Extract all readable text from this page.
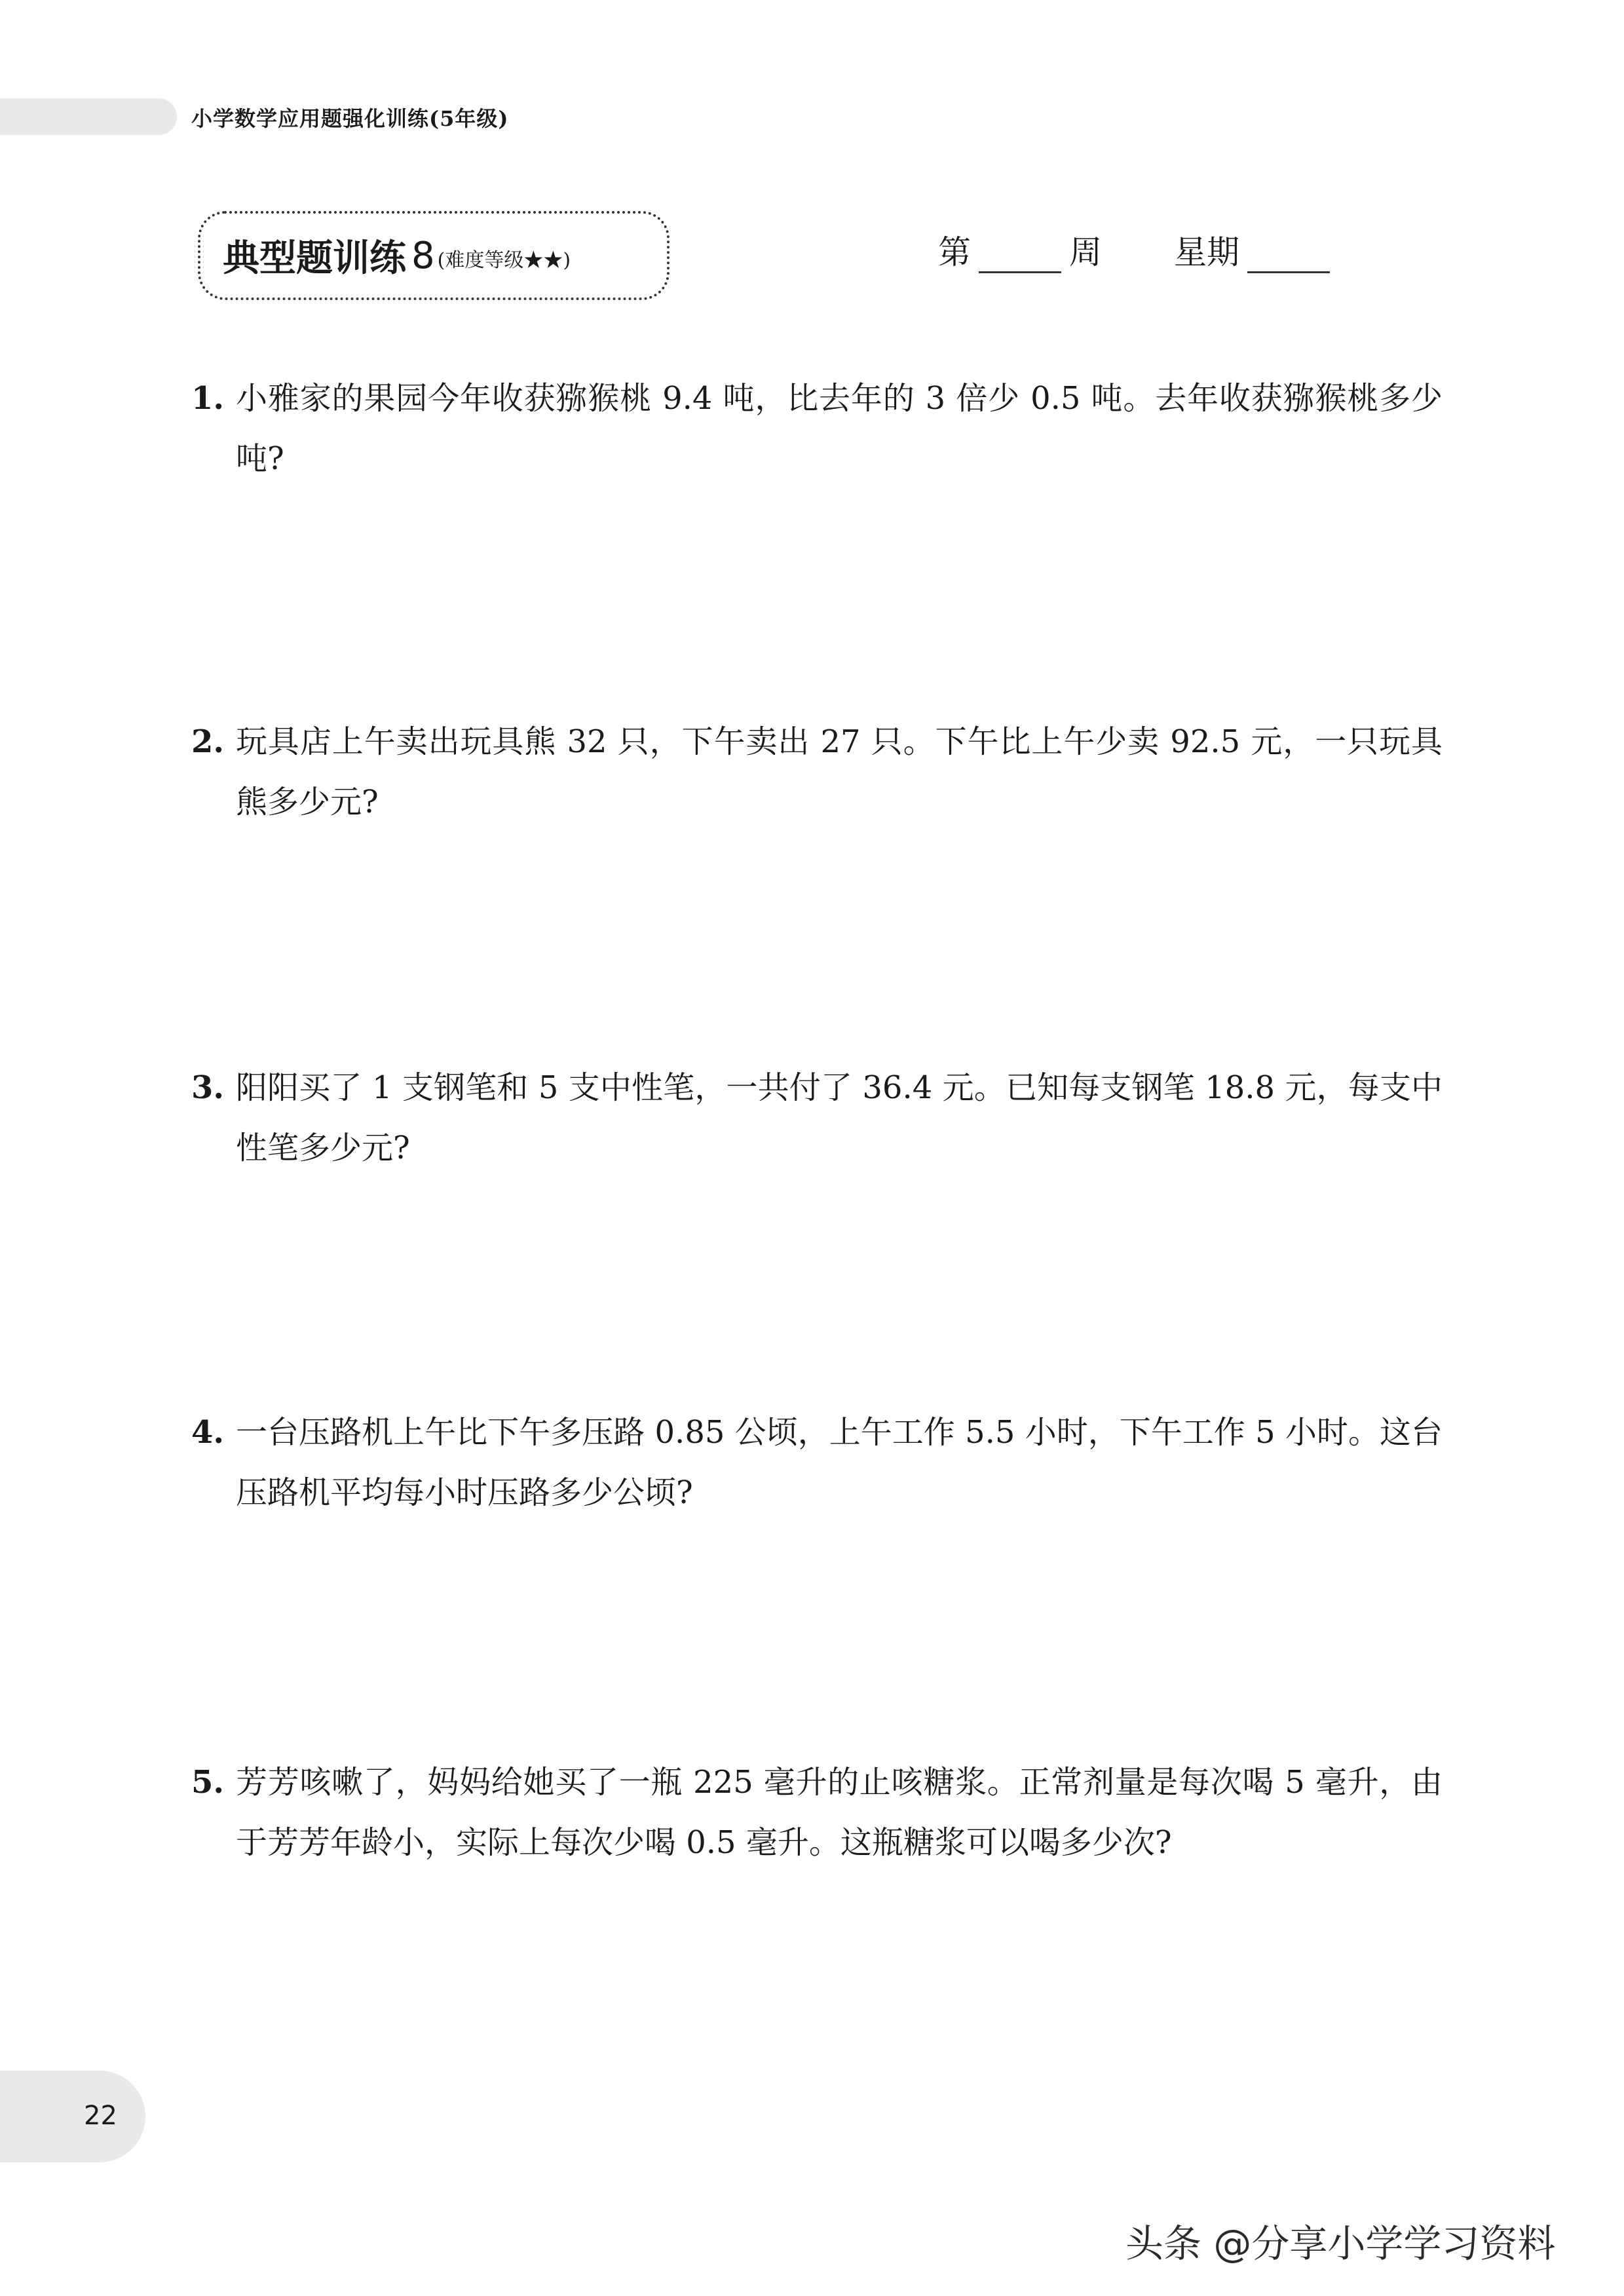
小学数学应用题强化训练(5年级)
典型题训练 8 (难度等级★★)	第	周 星期
1. 小雅家的果园今年收获猕猴桃 9.4 吨，比去年的 3 倍少 0.5 吨。去年收获猕猴桃多少吨?
2. 玩具店上午卖出玩具熊 32 只，下午卖出 27 只。下午比上午少卖 92.5 元，一只玩具熊多少元?
3. 阳阳买了 1 支钢笔和 5 支中性笔，一共付了 36.4 元。已知每支钢笔 18.8 元，每支中性笔多少元?
4. 一台压路机上午比下午多压路 0.85 公顷，上午工作 5.5 小时，下午工作 5 小时。这台压路机平均每小时压路多少公顷?
5. 芳芳咳嗽了，妈妈给她买了一瓶 225 毫升的止咳糖浆。正常剂量是每次喝 5 毫升，由于芳芳年龄小，实际上每次少喝 0.5 毫升。这瓶糖浆可以喝多少次?
22
头条 @分享小学学习资料
